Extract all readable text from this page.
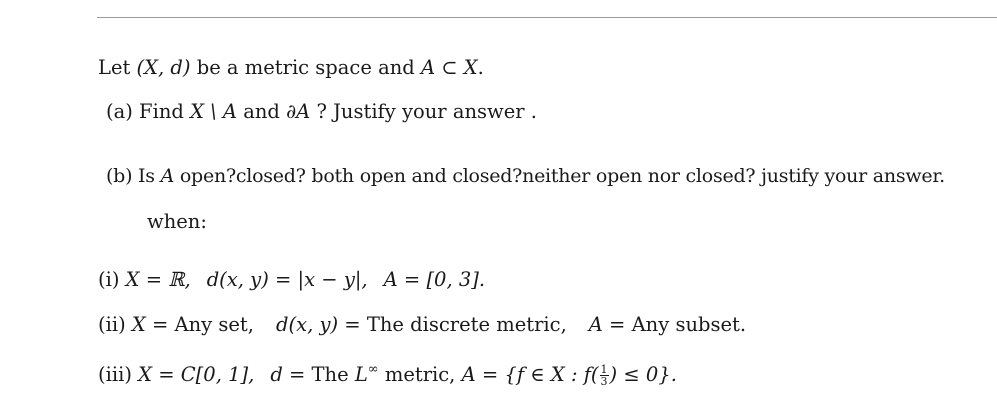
Let (X, d) be a metric space and A ⊂ X.
(a) Find X \ A and ∂A ? Justify your answer .
(b) Is A open?closed? both open and closed?neither open nor closed? justify your answer.
when:
(i) X = ℝ, d(x, y) = |x − y|, A = [0, 3].
(ii) X = Any set, d(x, y) = The discrete metric, A = Any subset.
(iii) X = C[0, 1], d = The L∞ metric, A = {f ∈ X : $f( \frac{1}{3}$ ) ≤ 0}.
